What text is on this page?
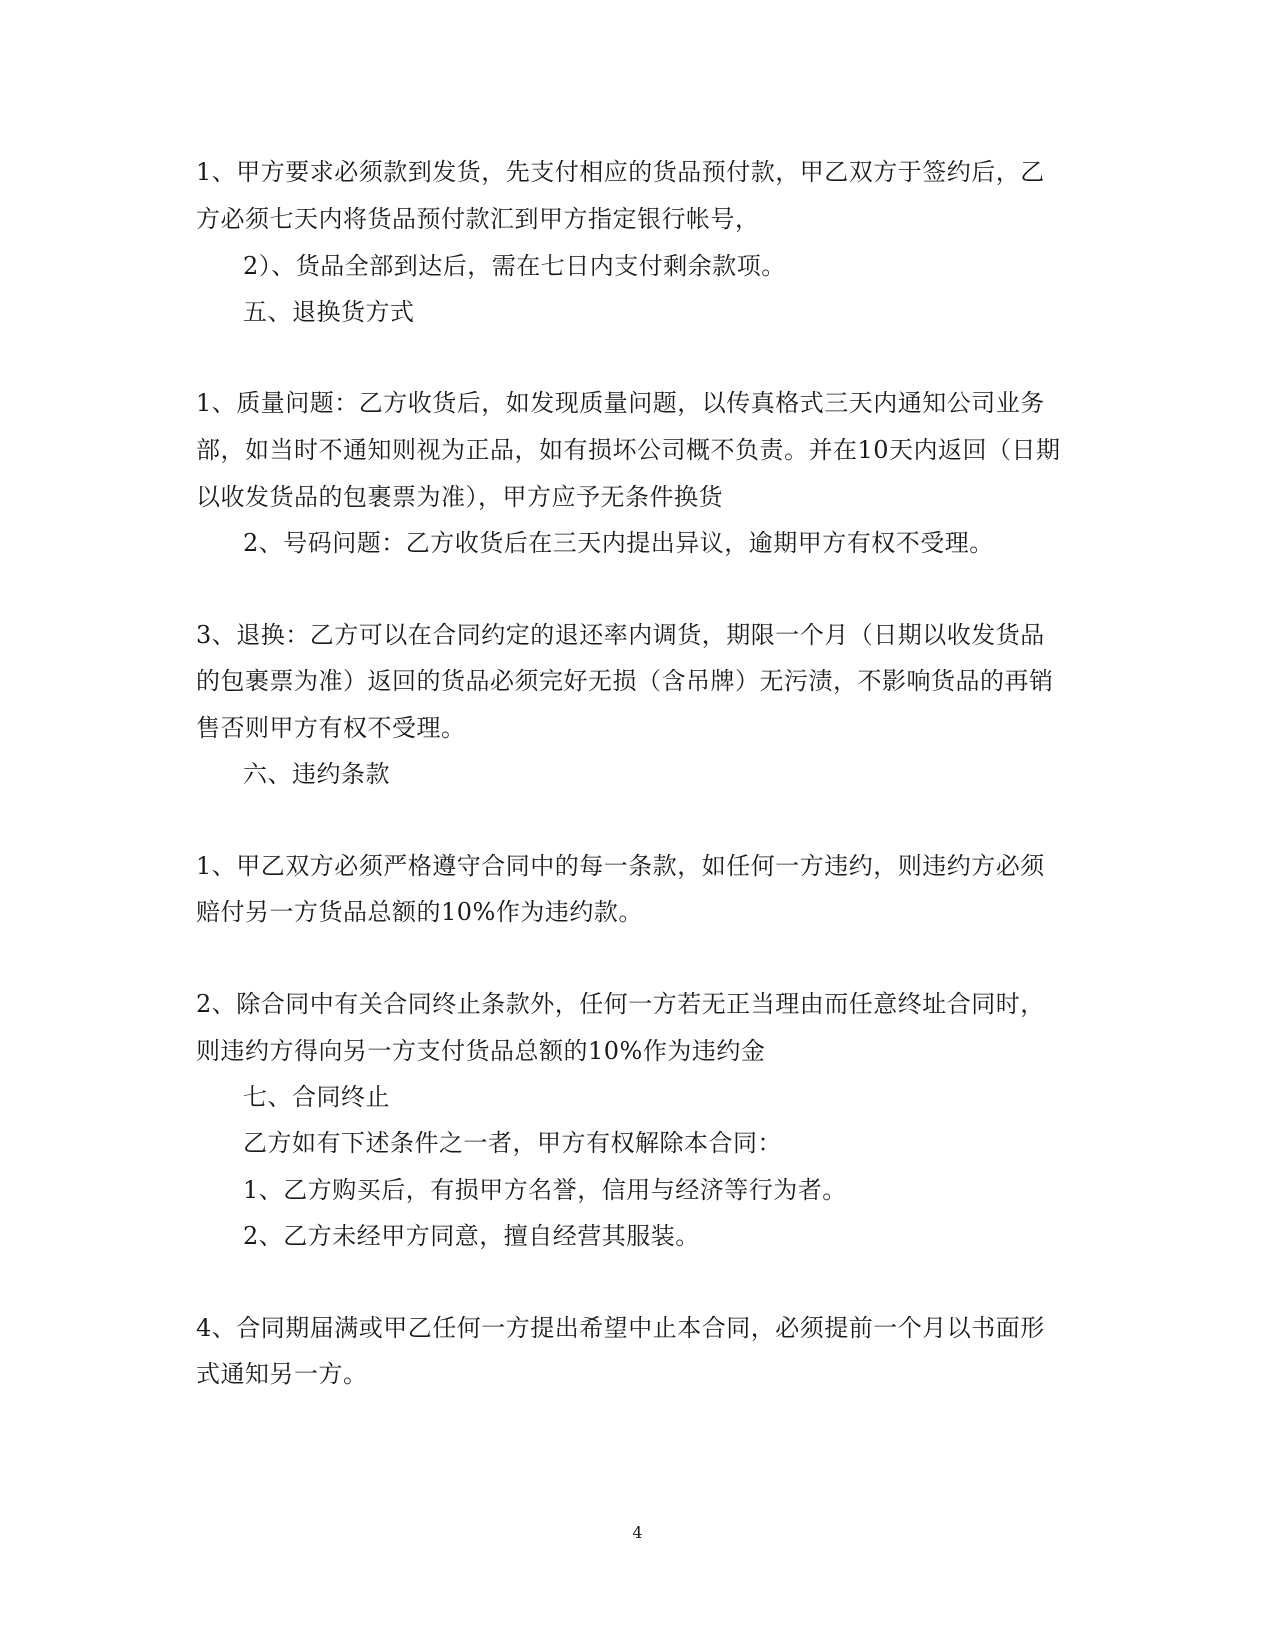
1、甲方要求必须款到发货，先支付相应的货品预付款，甲乙双方于签约后，乙
方必须七天内将货品预付款汇到甲方指定银行帐号，
2）、货品全部到达后，需在七日内支付剩余款项。
五、退换货方式
1、质量问题：乙方收货后，如发现质量问题，以传真格式三天内通知公司业务
部，如当时不通知则视为正品，如有损坏公司概不负责。并在10天内返回（日期
以收发货品的包裹票为准），甲方应予无条件换货
2、号码问题：乙方收货后在三天内提出异议，逾期甲方有权不受理。
3、退换：乙方可以在合同约定的退还率内调货，期限一个月（日期以收发货品
的包裹票为准）返回的货品必须完好无损（含吊牌）无污渍，不影响货品的再销
售否则甲方有权不受理。
六、违约条款
1、甲乙双方必须严格遵守合同中的每一条款，如任何一方违约，则违约方必须
赔付另一方货品总额的10%作为违约款。
2、除合同中有关合同终止条款外，任何一方若无正当理由而任意终址合同时，
则违约方得向另一方支付货品总额的10%作为违约金
七、合同终止
乙方如有下述条件之一者，甲方有权解除本合同：
1、乙方购买后，有损甲方名誉，信用与经济等行为者。
2、乙方未经甲方同意，擅自经营其服装。
4、合同期届满或甲乙任何一方提出希望中止本合同，必须提前一个月以书面形
式通知另一方。
4
